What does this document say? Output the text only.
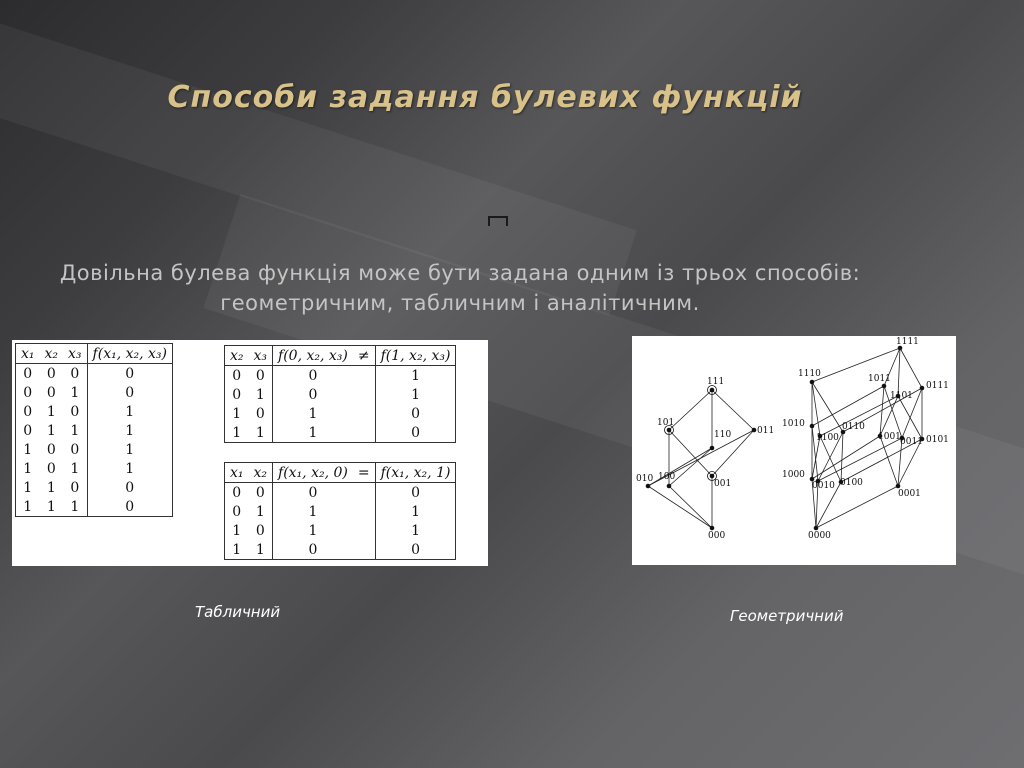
Способи задання булевих функцій
Довільна булева функція може бути задана одним із трьох способів: геометричним, табличним і аналітичним.
x₁	x₂	x₃	f(x₁, x₂, x₃)
0	0	0	0
0	0	1	0
0	1	0	1
0	1	1	1
1	0	0	1
1	0	1	1
1	1	0	0
1	1	1	0
x₂	x₃	f(0, x₂, x₃)	≠	f(1, x₂, x₃)
0	0	0		1
0	1	0		1
1	0	1		0
1	1	1		0
x₁	x₂	f(x₁, x₂, 0)	=	f(x₁, x₂, 1)
0	0	0		0
0	1	1		1
1	0	1		1
1	1	0		0
111
101
110	011
010 100
001
000
1111
1110	1011
1101
0111
1010
1100
0110
1001 0011 0101
1000
0010 0100
0001
0000
Табличний	Геометричний
